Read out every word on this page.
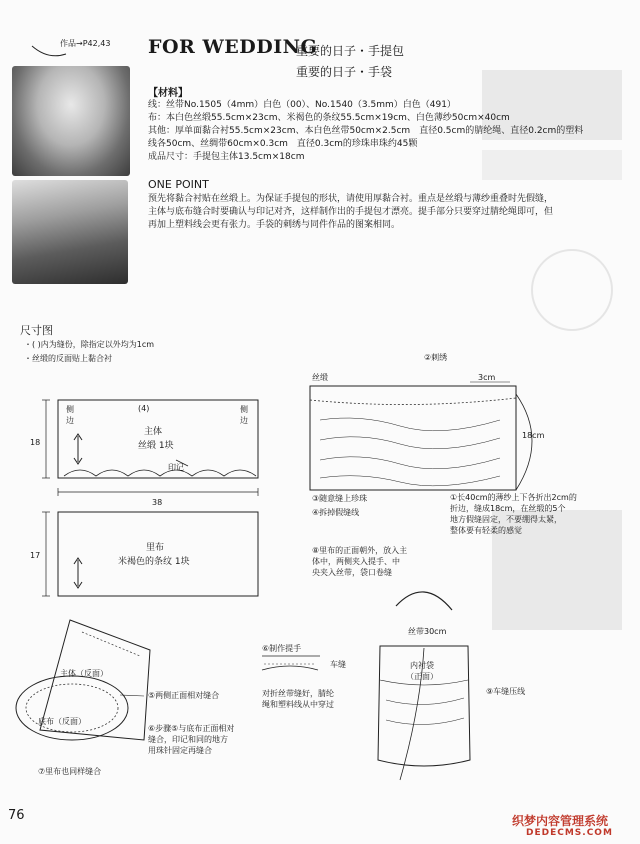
作品→P42,43 FOR WEDDING
重要的日子・手提包
重要的日子・手袋
【材料】
线：丝带No.1505（4mm）白色（00）、No.1540（3.5mm）白色（491）
布：本白色丝缎55.5cm×23cm、米褐色的条纹55.5cm×19cm、白色薄纱50cm×40cm
其他：厚单面黏合衬55.5cm×23cm、本白色丝带50cm×2.5cm　直径0.5cm的腈纶绳、直径0.2cm的塑料
线各50cm、丝绸带60cm×0.3cm　直径0.3cm的珍珠串珠约45颗
成品尺寸：手提包主体13.5cm×18cm
ONE POINT
预先将黏合衬贴在丝缎上。为保证手提包的形状，请使用厚黏合衬。重点是丝缎与薄纱重叠时先假缝，
主体与底布缝合时要确认与印记对齐，这样制作出的手提包才漂亮。提手部分只要穿过腈纶绳即可，但
再加上塑料线会更有张力。手袋的刺绣与同件作品的图案相同。
尺寸图
・( )内为缝份，除指定以外均为1cm
・丝缎的反面贴上黏合衬
侧边
侧边
(4)
主体
丝缎 1块
印记
18
38
里布
米褐色的条纹 1块
17
②刺绣
丝缎	3cm
18cm
③随意缝上珍珠
④拆掉假缝线
①长40cm的薄纱上下各折出2cm的
折边，缝成18cm，在丝缎的5个
地方假缝固定，不要绷得太紧，
整体要有轻柔的感觉
⑧里布的正面朝外，放入主
体中，两侧夹入提手、中
央夹入丝带，袋口卷缝
丝带30cm
内衬袋
（正面）
⑨车缝压线
⑥制作提手
车缝
对折丝带缝好，腈纶
绳和塑料线从中穿过
主体（反面）
底布（反面）
⑤两侧正面相对缝合
⑥步骤⑤与底布正面相对
缝合，印记和同的地方
用珠针固定再缝合
⑦里布也同样缝合
76	织梦内容管理系统
DEDECMS.COM
